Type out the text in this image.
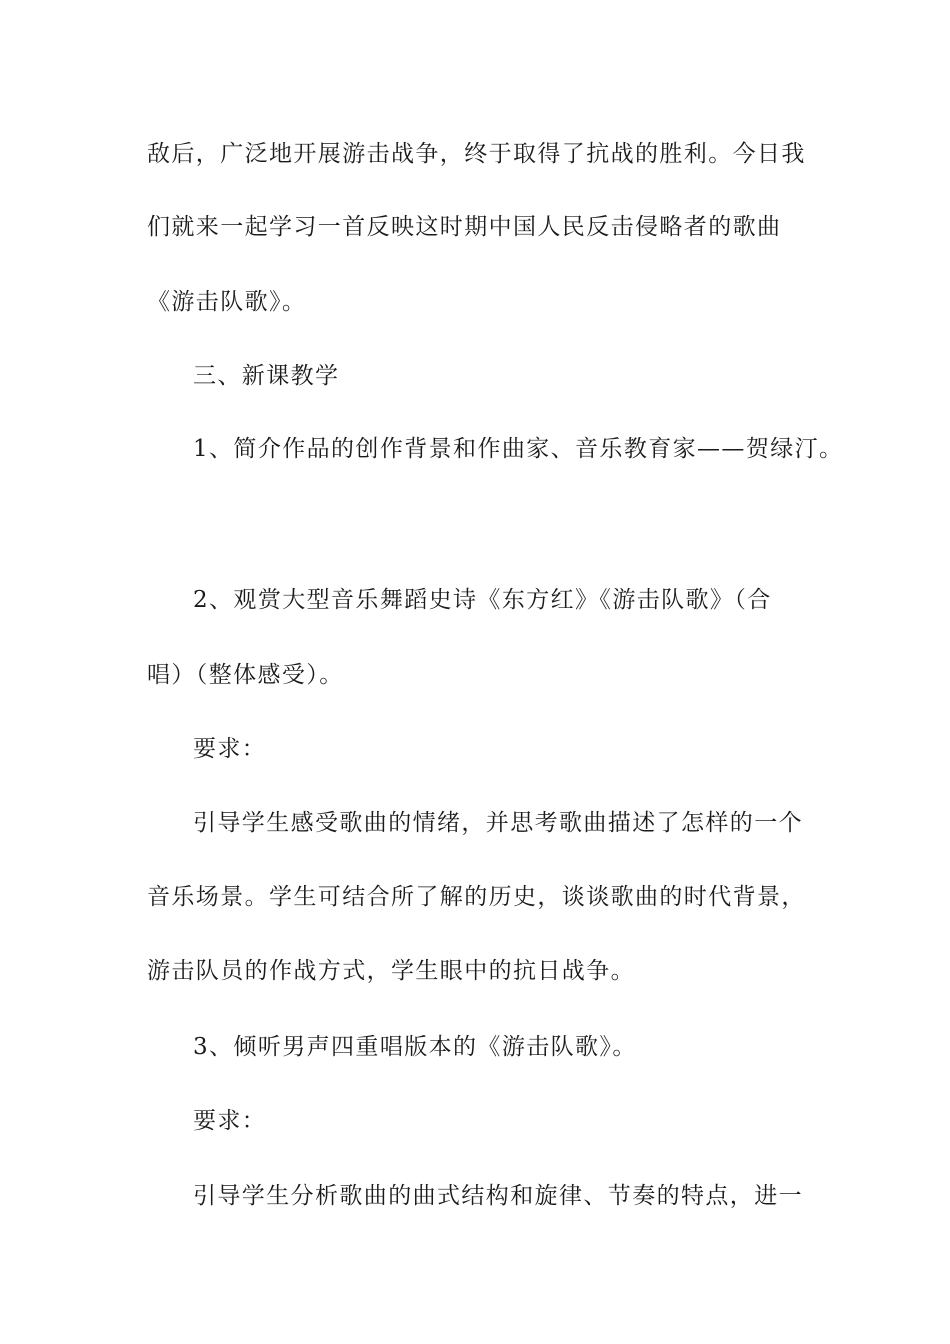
敌后，广泛地开展游击战争，终于取得了抗战的胜利。今日我
们就来一起学习一首反映这时期中国人民反击侵略者的歌曲
《游击队歌》。
三、新课教学
1、简介作品的创作背景和作曲家、音乐教育家——贺绿汀。
2、观赏大型音乐舞蹈史诗《东方红》《游击队歌》（合
唱）（整体感受）。
要求：
引导学生感受歌曲的情绪，并思考歌曲描述了怎样的一个
音乐场景。学生可结合所了解的历史，谈谈歌曲的时代背景，
游击队员的作战方式，学生眼中的抗日战争。
3、倾听男声四重唱版本的《游击队歌》。
要求：
引导学生分析歌曲的曲式结构和旋律、节奏的特点，进一
